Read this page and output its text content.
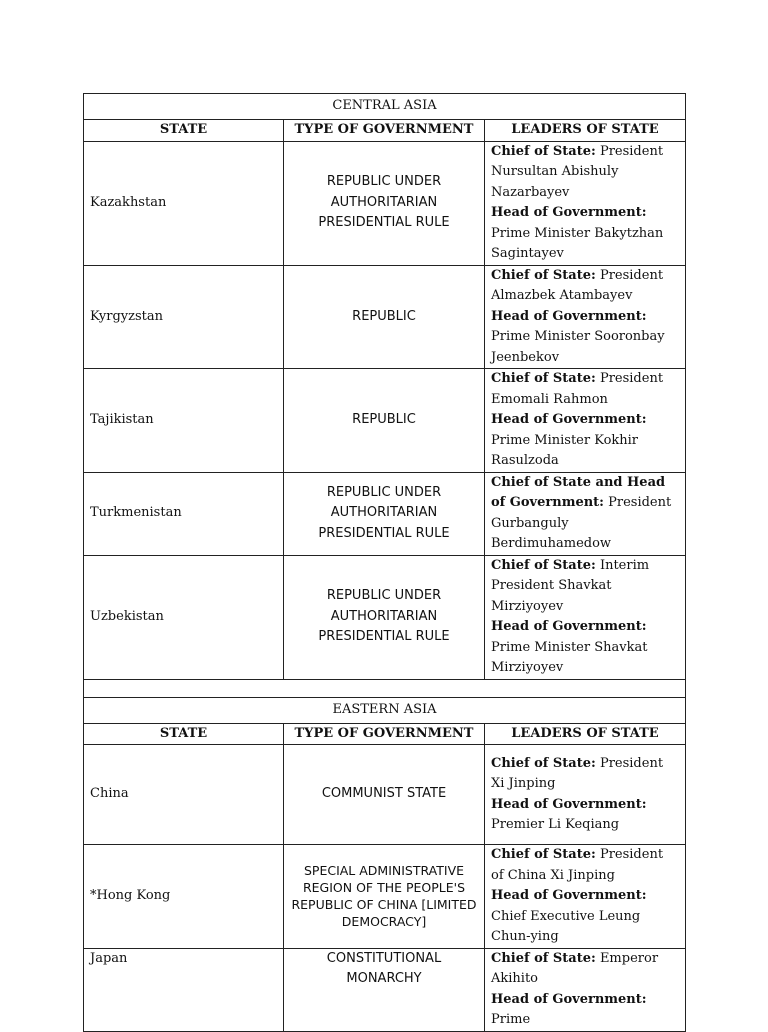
CENTRAL ASIA		
STATE	TYPE OF GOVERNMENT	LEADERS OF STATE
Kazakhstan	REPUBLIC UNDER AUTHORITARIAN PRESIDENTIAL RULE	Chief of State: President Nursultan Abishuly Nazarbayev
Head of Government: Prime Minister Bakytzhan Sagintayev
Kyrgyzstan	REPUBLIC	Chief of State: President Almazbek Atambayev
Head of Government: Prime Minister Sooronbay Jeenbekov
Tajikistan	REPUBLIC	Chief of State: President Emomali Rahmon
Head of Government: Prime Minister Kokhir Rasulzoda
Turkmenistan	REPUBLIC UNDER AUTHORITARIAN PRESIDENTIAL RULE	Chief of State and Head of Government: President Gurbanguly Berdimuhamedow
Uzbekistan	REPUBLIC UNDER AUTHORITARIAN PRESIDENTIAL RULE	Chief of State: Interim President Shavkat Mirziyoyev
Head of Government: Prime Minister Shavkat Mirziyoyev

EASTERN ASIA		
STATE	TYPE OF GOVERNMENT	LEADERS OF STATE
China	COMMUNIST STATE	Chief of State: President Xi Jinping
Head of Government: Premier Li Keqiang
*Hong Kong	SPECIAL ADMINISTRATIVE REGION OF THE PEOPLE'S REPUBLIC OF CHINA [LIMITED DEMOCRACY]	Chief of State: President of China Xi Jinping
Head of Government: Chief Executive Leung Chun-ying
Japan	CONSTITUTIONAL MONARCHY	Chief of State: Emperor Akihito
Head of Government: Prime
